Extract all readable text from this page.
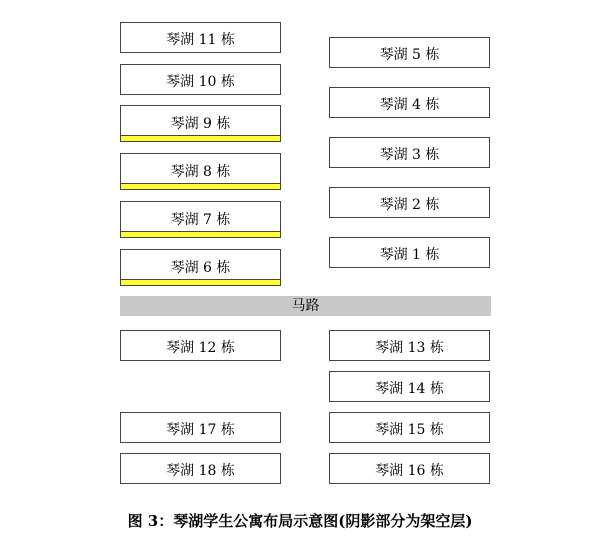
琴湖 11 栋
琴湖 10 栋
琴湖 9 栋
琴湖 8 栋
琴湖 7 栋
琴湖 6 栋
琴湖 5 栋
琴湖 4 栋
琴湖 3 栋
琴湖 2 栋
琴湖 1 栋
马路
琴湖 12 栋	琴湖 13 栋
琴湖 14 栋
琴湖 17 栋	琴湖 15 栋
琴湖 18 栋	琴湖 16 栋
图 3：琴湖学生公寓布局示意图(阴影部分为架空层)
